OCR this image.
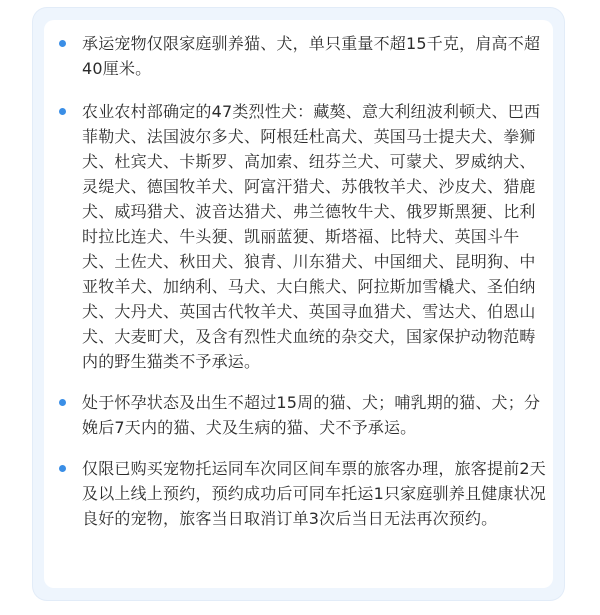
承运宠物仅限家庭驯养猫、犬，单只重量不超15千克，肩高不超40厘米。
农业农村部确定的47类烈性犬：藏獒、意大利纽波利顿犬、巴西菲勒犬、法国波尔多犬、阿根廷杜高犬、英国马士提夫犬、拳狮犬、杜宾犬、卡斯罗、高加索、纽芬兰犬、可蒙犬、罗威纳犬、灵缇犬、德国牧羊犬、阿富汗猎犬、苏俄牧羊犬、沙皮犬、猎鹿犬、威玛猎犬、波音达猎犬、弗兰德牧牛犬、俄罗斯黑㹴、比利时拉比连犬、牛头㹴、凯丽蓝㹴、斯塔福、比特犬、英国斗牛犬、土佐犬、秋田犬、狼青、川东猎犬、中国细犬、昆明狗、中亚牧羊犬、加纳利、马犬、大白熊犬、阿拉斯加雪橇犬、圣伯纳犬、大丹犬、英国古代牧羊犬、英国寻血猎犬、雪达犬、伯恩山犬、大麦町犬，及含有烈性犬血统的杂交犬，国家保护动物范畴内的野生猫类不予承运。
处于怀孕状态及出生不超过15周的猫、犬；哺乳期的猫、犬；分娩后7天内的猫、犬及生病的猫、犬不予承运。
仅限已购买宠物托运同车次同区间车票的旅客办理，旅客提前2天及以上线上预约，预约成功后可同车托运1只家庭驯养且健康状况良好的宠物，旅客当日取消订单3次后当日无法再次预约。
